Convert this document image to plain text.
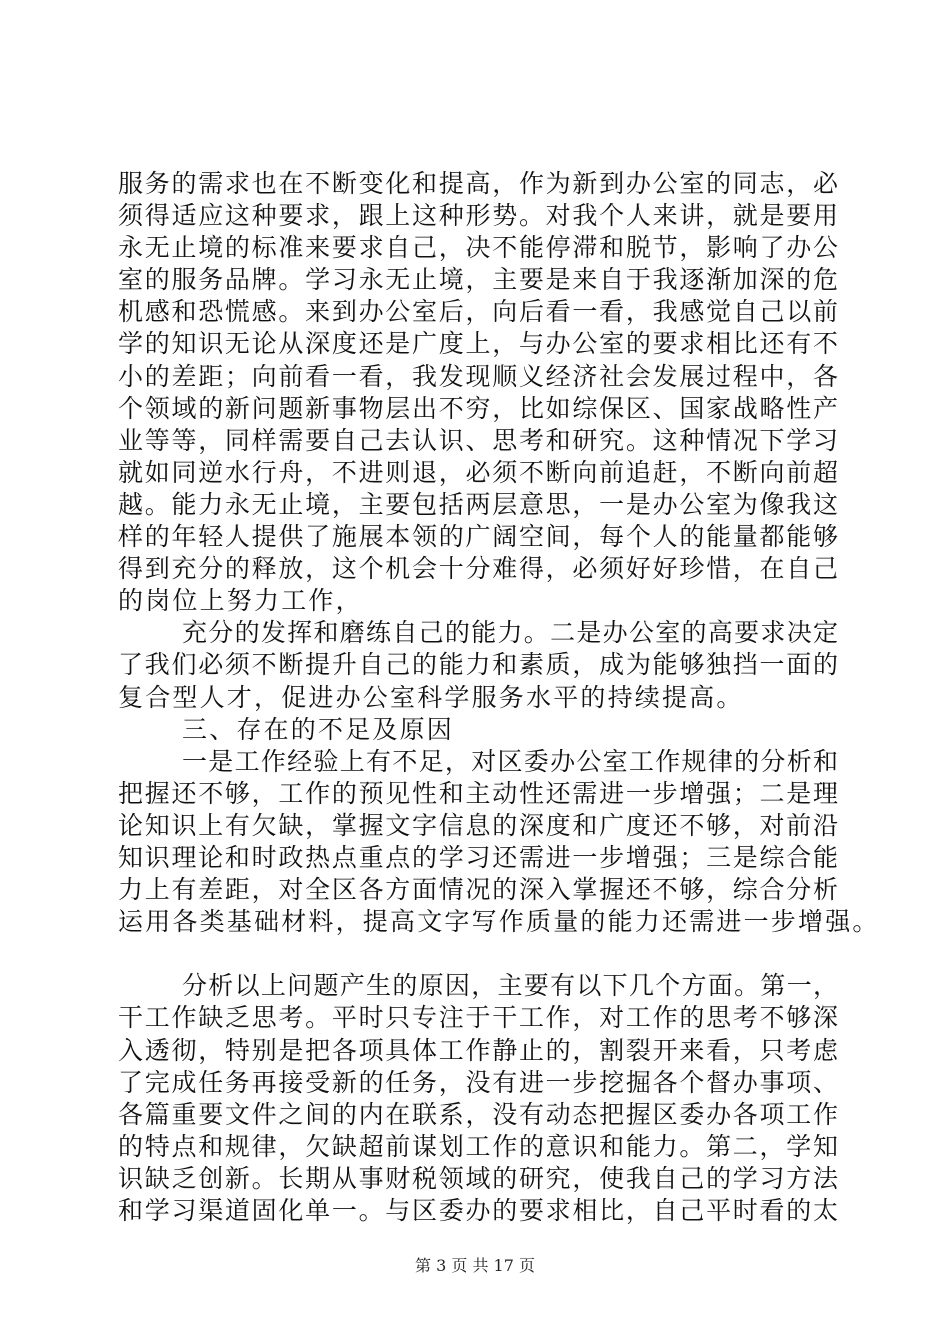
服务的需求也在不断变化和提高，作为新到办公室的同志，必
须得适应这种要求，跟上这种形势。对我个人来讲，就是要用
永无止境的标准来要求自己，决不能停滞和脱节，影响了办公
室的服务品牌。学习永无止境，主要是来自于我逐渐加深的危
机感和恐慌感。来到办公室后，向后看一看，我感觉自己以前
学的知识无论从深度还是广度上，与办公室的要求相比还有不
小的差距；向前看一看，我发现顺义经济社会发展过程中，各
个领域的新问题新事物层出不穷，比如综保区、国家战略性产
业等等，同样需要自己去认识、思考和研究。这种情况下学习
就如同逆水行舟，不进则退，必须不断向前追赶，不断向前超
越。能力永无止境，主要包括两层意思，一是办公室为像我这
样的年轻人提供了施展本领的广阔空间，每个人的能量都能够
得到充分的释放，这个机会十分难得，必须好好珍惜，在自己
的岗位上努力工作，
充分的发挥和磨练自己的能力。二是办公室的高要求决定
了我们必须不断提升自己的能力和素质，成为能够独挡一面的
复合型人才，促进办公室科学服务水平的持续提高。
三、存在的不足及原因
一是工作经验上有不足，对区委办公室工作规律的分析和
把握还不够，工作的预见性和主动性还需进一步增强；二是理
论知识上有欠缺，掌握文字信息的深度和广度还不够，对前沿
知识理论和时政热点重点的学习还需进一步增强；三是综合能
力上有差距，对全区各方面情况的深入掌握还不够，综合分析
运用各类基础材料，提高文字写作质量的能力还需进一步增强。
分析以上问题产生的原因，主要有以下几个方面。第一，
干工作缺乏思考。平时只专注于干工作，对工作的思考不够深
入透彻，特别是把各项具体工作静止的，割裂开来看，只考虑
了完成任务再接受新的任务，没有进一步挖掘各个督办事项、
各篇重要文件之间的内在联系，没有动态把握区委办各项工作
的特点和规律，欠缺超前谋划工作的意识和能力。第二，学知
识缺乏创新。长期从事财税领域的研究，使我自己的学习方法
和学习渠道固化单一。与区委办的要求相比，自己平时看的太
第 3 页 共 17 页
